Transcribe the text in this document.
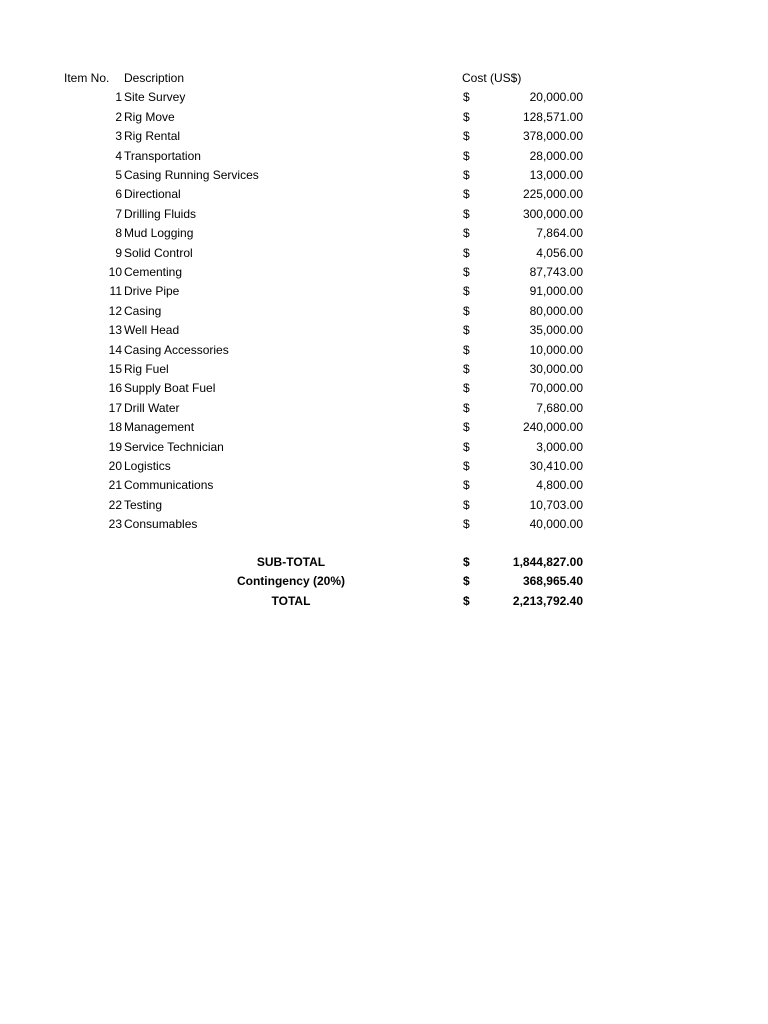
Item No. Description	Cost (US$)
1 Site Survey	$	20,000.00
2 Rig Move	$	128,571.00
3 Rig Rental	$	378,000.00
4 Transportation	$	28,000.00
5 Casing Running Services	$	13,000.00
6 Directional	$	225,000.00
7 Drilling Fluids	$	300,000.00
8 Mud Logging	$	7,864.00
9 Solid Control	$	4,056.00
10 Cementing	$	87,743.00
11 Drive Pipe	$	91,000.00
12 Casing	$	80,000.00
13 Well Head	$	35,000.00
14 Casing Accessories	$	10,000.00
15 Rig Fuel	$	30,000.00
16 Supply Boat Fuel	$	70,000.00
17 Drill Water	$	7,680.00
18 Management	$	240,000.00
19 Service Technician	$	3,000.00
20 Logistics	$	30,410.00
21 Communications	$	4,800.00
22 Testing	$	10,703.00
23 Consumables	$	40,000.00
SUB-TOTAL	$	1,844,827.00
Contingency (20%)	$	368,965.40
TOTAL	$	2,213,792.40
